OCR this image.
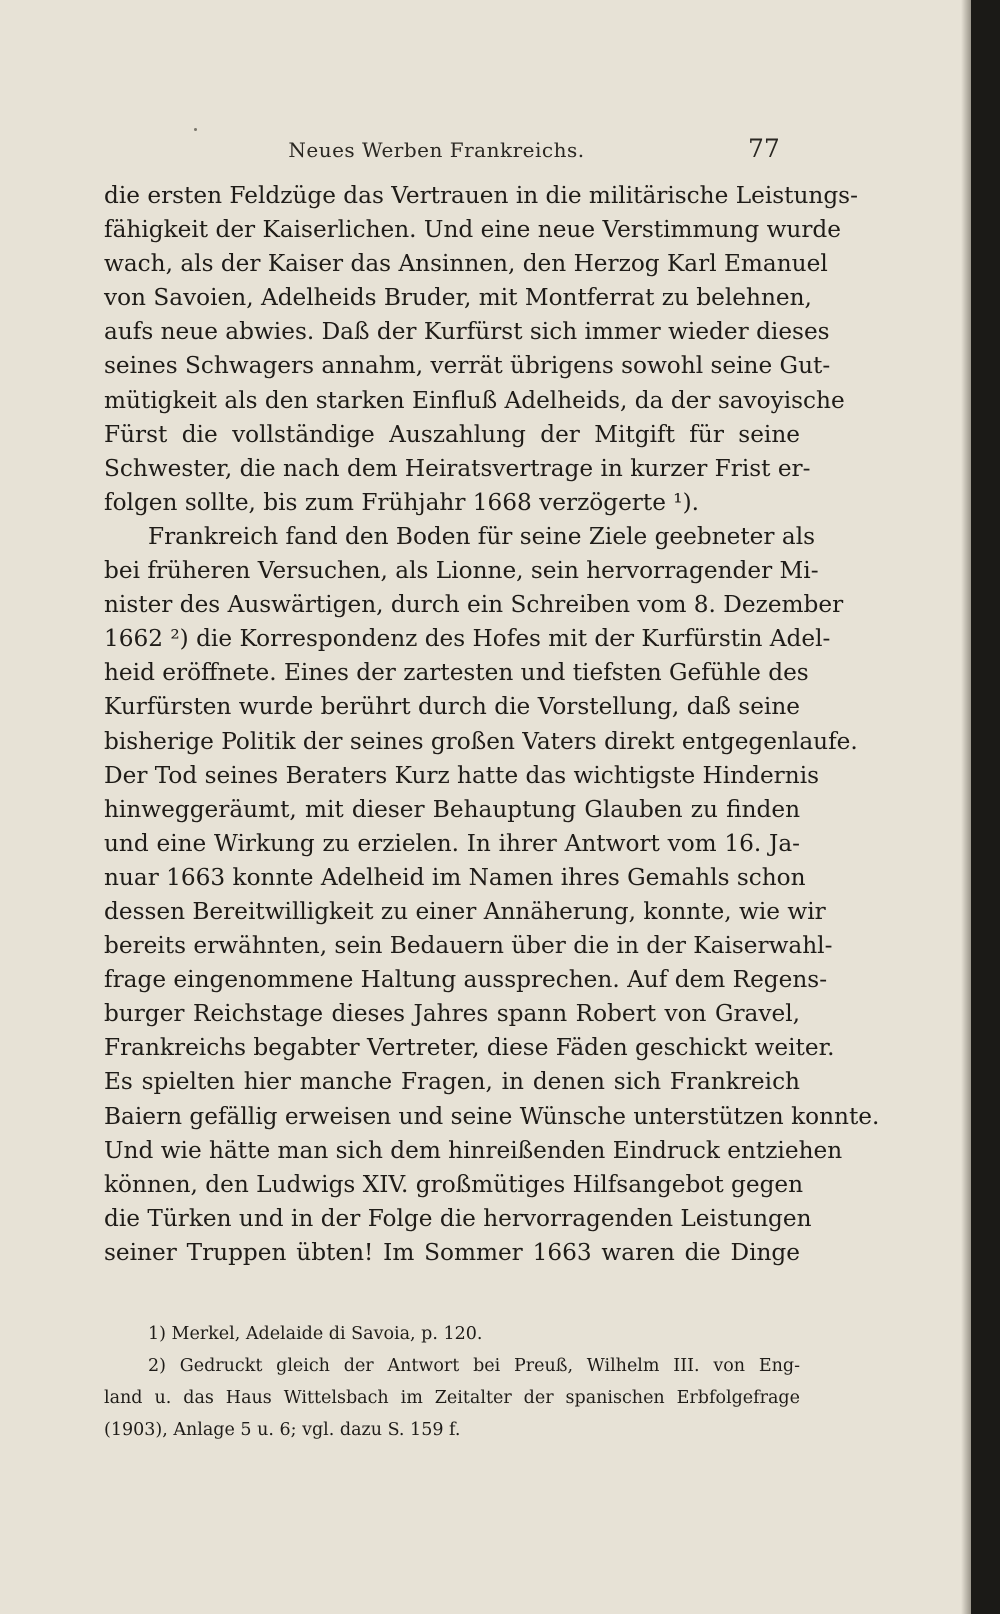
Neues Werben Frankreichs.	77
die ersten Feldzüge das Vertrauen in die militärische Leistungs-
fähigkeit der Kaiserlichen. Und eine neue Verstimmung wurde
wach, als der Kaiser das Ansinnen, den Herzog Karl Emanuel
von Savoien, Adelheids Bruder, mit Montferrat zu belehnen,
aufs neue abwies. Daß der Kurfürst sich immer wieder dieses
seines Schwagers annahm, verrät übrigens sowohl seine Gut-
mütigkeit als den starken Einfluß Adelheids, da der savoyische
Fürst die vollständige Auszahlung der Mitgift für seine
Schwester, die nach dem Heiratsvertrage in kurzer Frist er-
folgen sollte, bis zum Frühjahr 1668 verzögerte ¹).
Frankreich fand den Boden für seine Ziele geebneter als
bei früheren Versuchen, als Lionne, sein hervorragender Mi-
nister des Auswärtigen, durch ein Schreiben vom 8. Dezember
1662 ²) die Korrespondenz des Hofes mit der Kurfürstin Adel-
heid eröffnete. Eines der zartesten und tiefsten Gefühle des
Kurfürsten wurde berührt durch die Vorstellung, daß seine
bisherige Politik der seines großen Vaters direkt entgegenlaufe.
Der Tod seines Beraters Kurz hatte das wichtigste Hindernis
hinweggeräumt, mit dieser Behauptung Glauben zu finden
und eine Wirkung zu erzielen. In ihrer Antwort vom 16. Ja-
nuar 1663 konnte Adelheid im Namen ihres Gemahls schon
dessen Bereitwilligkeit zu einer Annäherung, konnte, wie wir
bereits erwähnten, sein Bedauern über die in der Kaiserwahl-
frage eingenommene Haltung aussprechen. Auf dem Regens-
burger Reichstage dieses Jahres spann Robert von Gravel,
Frankreichs begabter Vertreter, diese Fäden geschickt weiter.
Es spielten hier manche Fragen, in denen sich Frankreich
Baiern gefällig erweisen und seine Wünsche unterstützen konnte.
Und wie hätte man sich dem hinreißenden Eindruck entziehen
können, den Ludwigs XIV. großmütiges Hilfsangebot gegen
die Türken und in der Folge die hervorragenden Leistungen
seiner Truppen übten! Im Sommer 1663 waren die Dinge
1) Merkel, Adelaide di Savoia, p. 120.
2) Gedruckt gleich der Antwort bei Preuß, Wilhelm III. von Eng-
land u. das Haus Wittelsbach im Zeitalter der spanischen Erbfolgefrage
(1903), Anlage 5 u. 6; vgl. dazu S. 159 f.
